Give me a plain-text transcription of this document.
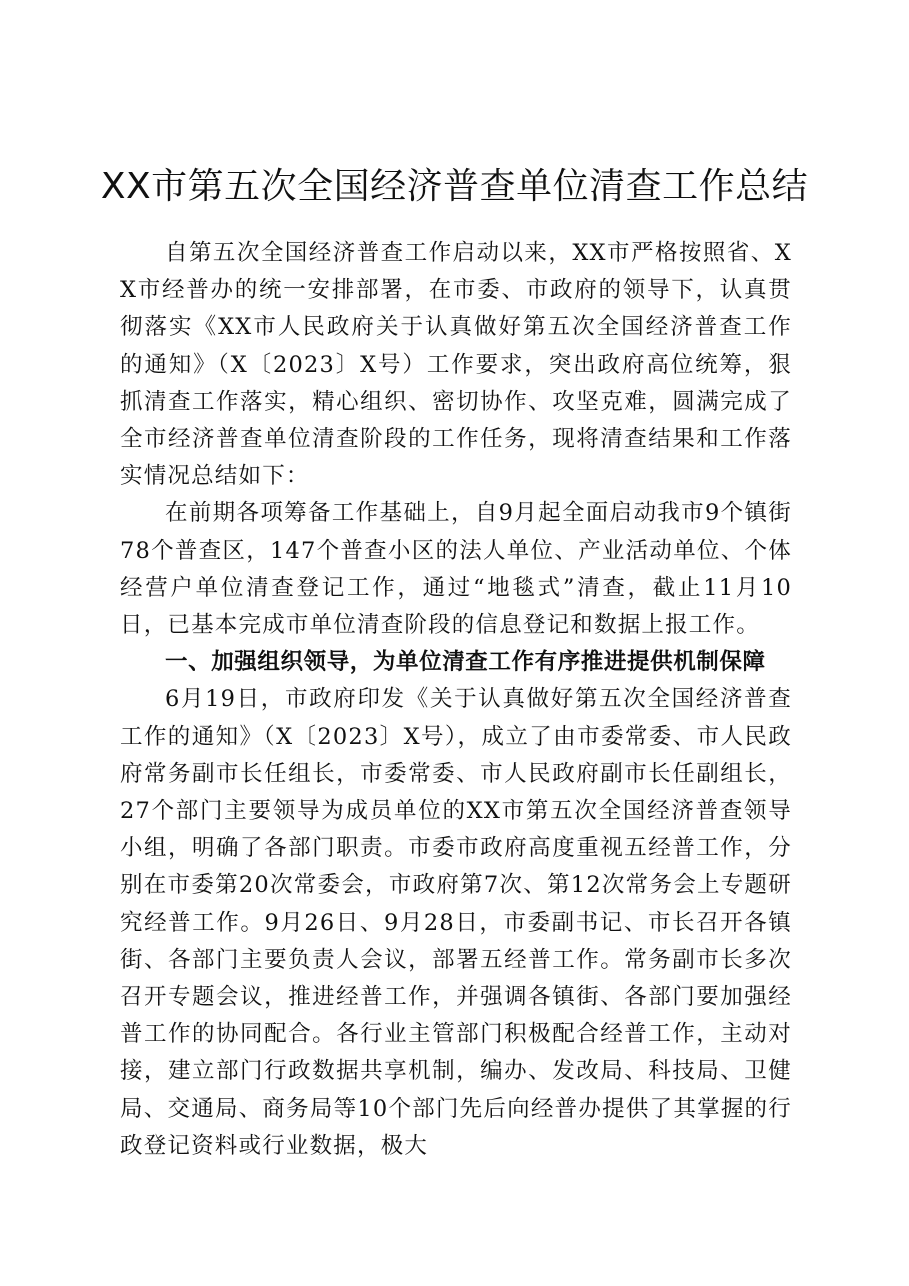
XX市第五次全国经济普查单位清查工作总结

自第五次全国经济普查工作启动以来，XX市严格按照省、XX市经普办的统一安排部署，在市委、市政府的领导下，认真贯彻落实《XX市人民政府关于认真做好第五次全国经济普查工作的通知》（X〔2023〕X号）工作要求，突出政府高位统筹，狠抓清查工作落实，精心组织、密切协作、攻坚克难，圆满完成了全市经济普查单位清查阶段的工作任务，现将清查结果和工作落实情况总结如下：

在前期各项筹备工作基础上，自9月起全面启动我市9个镇街78个普查区，147个普查小区的法人单位、产业活动单位、个体经营户单位清查登记工作，通过“地毯式”清查，截止11月10日，已基本完成市单位清查阶段的信息登记和数据上报工作。

一、加强组织领导，为单位清查工作有序推进提供机制保障

6月19日，市政府印发《关于认真做好第五次全国经济普查工作的通知》（X〔2023〕X号），成立了由市委常委、市人民政府常务副市长任组长，市委常委、市人民政府副市长任副组长，27个部门主要领导为成员单位的XX市第五次全国经济普查领导小组，明确了各部门职责。市委市政府高度重视五经普工作，分别在市委第20次常委会，市政府第7次、第12次常务会上专题研究经普工作。9月26日、9月28日，市委副书记、市长召开各镇街、各部门主要负责人会议，部署五经普工作。常务副市长多次召开专题会议，推进经普工作，并强调各镇街、各部门要加强经普工作的协同配合。各行业主管部门积极配合经普工作，主动对接，建立部门行政数据共享机制，编办、发改局、科技局、卫健局、交通局、商务局等10个部门先后向经普办提供了其掌握的行政登记资料或行业数据，极大
